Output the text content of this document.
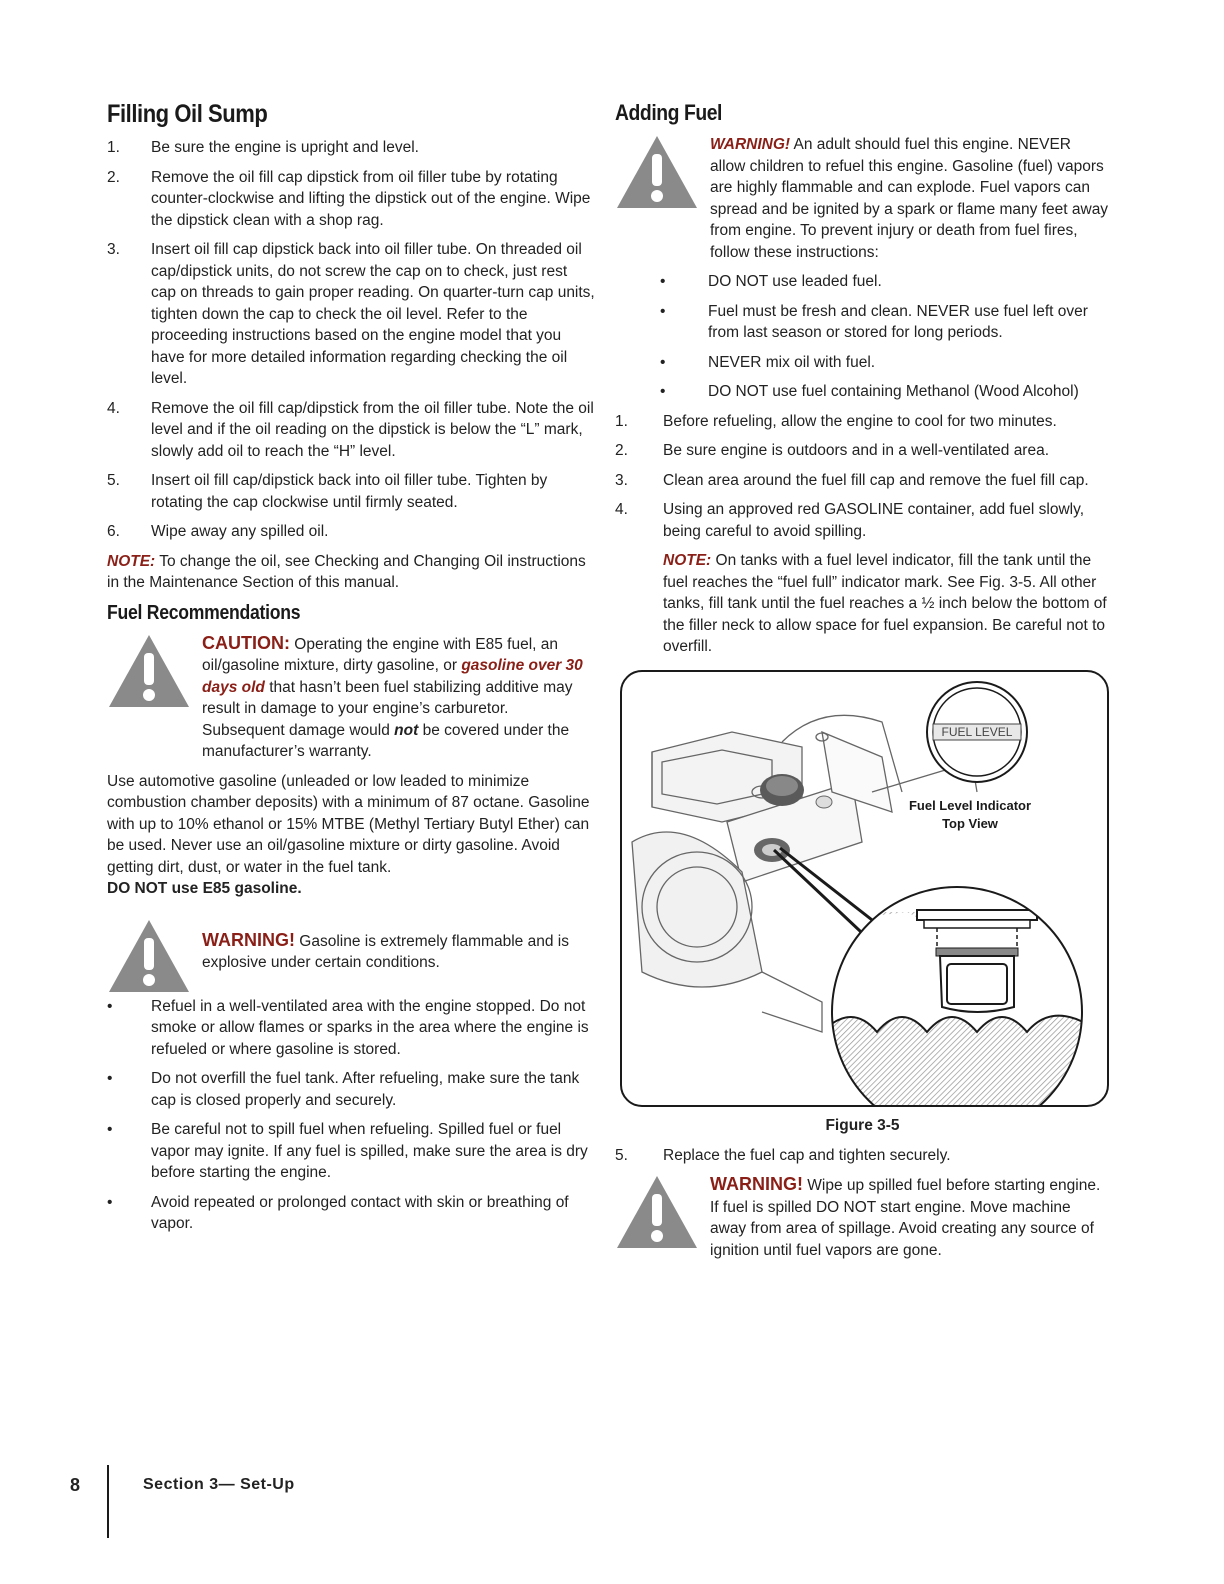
Filling Oil Sump
1. Be sure the engine is upright and level.
2. Remove the oil fill cap dipstick from oil filler tube by rotating counter-clockwise and lifting the dipstick out of the engine. Wipe the dipstick clean with a shop rag.
3. Insert oil fill cap dipstick back into oil filler tube. On threaded oil cap/dipstick units, do not screw the cap on to check, just rest cap on threads to gain proper reading. On quarter-turn cap units, tighten down the cap to check the oil level. Refer to the proceeding instructions based on the engine model that you have for more detailed information regarding checking the oil level.
4. Remove the oil fill cap/dipstick from the oil filler tube. Note the oil level and if the oil reading on the dipstick is below the “L” mark, slowly add oil to reach the “H” level.
5. Insert oil fill cap/dipstick back into oil filler tube. Tighten by rotating the cap clockwise until firmly seated.
6. Wipe away any spilled oil.

NOTE: To change the oil, see Checking and Changing Oil instructions in the Maintenance Section of this manual.

Fuel Recommendations

CAUTION: Operating the engine with E85 fuel, an oil/gasoline mixture, dirty gasoline, or gasoline over 30 days old that hasn’t been fuel stabilizing additive may result in damage to your engine’s carburetor. Subsequent damage would not be covered under the manufacturer’s warranty.

Use automotive gasoline (unleaded or low leaded to minimize combustion chamber deposits) with a minimum of 87 octane. Gasoline with up to 10% ethanol or 15% MTBE (Methyl Tertiary Butyl Ether) can be used. Never use an oil/gasoline mixture or dirty gasoline. Avoid getting dirt, dust, or water in the fuel tank.
DO NOT use E85 gasoline.

WARNING! Gasoline is extremely flammable and is explosive under certain conditions.

• Refuel in a well-ventilated area with the engine stopped. Do not smoke or allow flames or sparks in the area where the engine is refueled or where gasoline is stored.
• Do not overfill the fuel tank. After refueling, make sure the tank cap is closed properly and securely.
• Be careful not to spill fuel when refueling. Spilled fuel or fuel vapor may ignite. If any fuel is spilled, make sure the area is dry before starting the engine.
• Avoid repeated or prolonged contact with skin or breathing of vapor.
Adding Fuel

WARNING! An adult should fuel this engine. NEVER allow children to refuel this engine. Gasoline (fuel) vapors are highly flammable and can explode. Fuel vapors can spread and be ignited by a spark or flame many feet away from engine. To prevent injury or death from fuel fires, follow these instructions:

•	DO NOT use leaded fuel.
•	Fuel must be fresh and clean. NEVER use fuel left over from last season or stored for long periods.
•	NEVER mix oil with fuel.
•	DO NOT use fuel containing Methanol (Wood Alcohol)
1. Before refueling, allow the engine to cool for two minutes.
2. Be sure engine is outdoors and in a well-ventilated area.
3. Clean area around the fuel fill cap and remove the fuel fill cap.
4. Using an approved red GASOLINE container, add fuel slowly, being careful to avoid spilling.

NOTE: On tanks with a fuel level indicator, fill the tank until the fuel reaches the “fuel full” indicator mark. See Fig. 3-5. All other tanks, fill tank until the fuel reaches a ½ inch below the bottom of the filler neck to allow space for fuel expansion. Be careful not to overfill.

FUEL LEVEL
Fuel Level Indicator
Top View
Figure 3-5
5. Replace the fuel cap and tighten securely.

WARNING! Wipe up spilled fuel before starting engine. If fuel is spilled DO NOT start engine. Move machine away from area of spillage. Avoid creating any source of ignition until fuel vapors are gone.

8	Section 3— Set-Up
